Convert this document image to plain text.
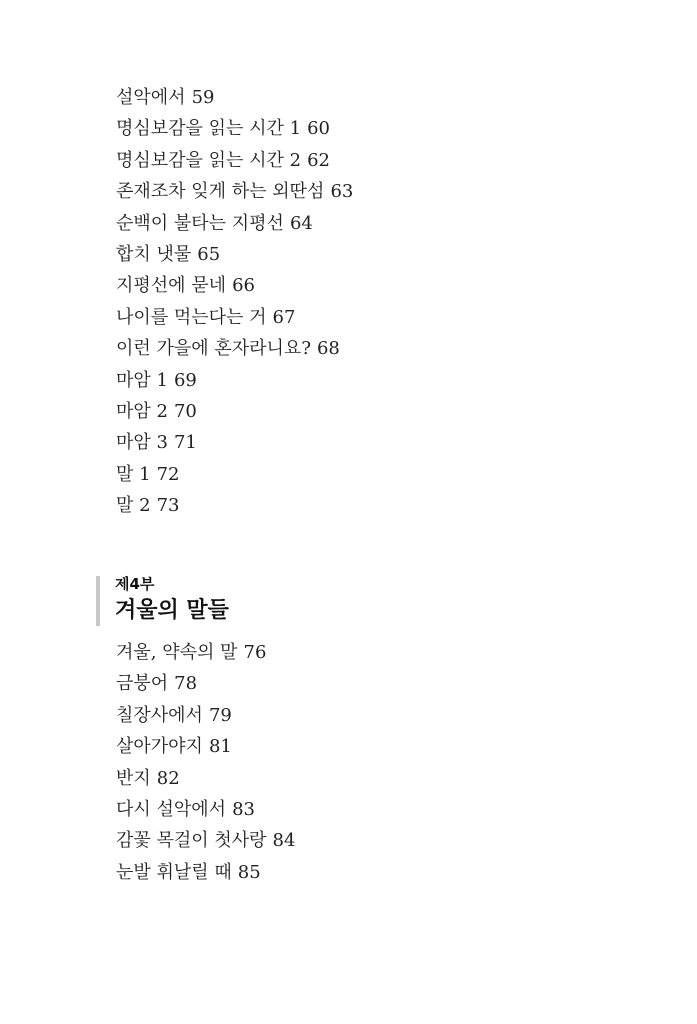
설악에서 59
명심보감을 읽는 시간 1 60
명심보감을 읽는 시간 2 62
존재조차 잊게 하는 외딴섬 63
순백이 불타는 지평선 64
합치 냇물 65
지평선에 묻네 66
나이를 먹는다는 거 67
이런 가을에 혼자라니요? 68
마암 1 69
마암 2 70
마암 3 71
말 1 72
말 2 73
제4부
겨울의 말들
겨울, 약속의 말 76
금붕어 78
칠장사에서 79
살아가야지 81
반지 82
다시 설악에서 83
감꽃 목걸이 첫사랑 84
눈발 휘날릴 때 85
